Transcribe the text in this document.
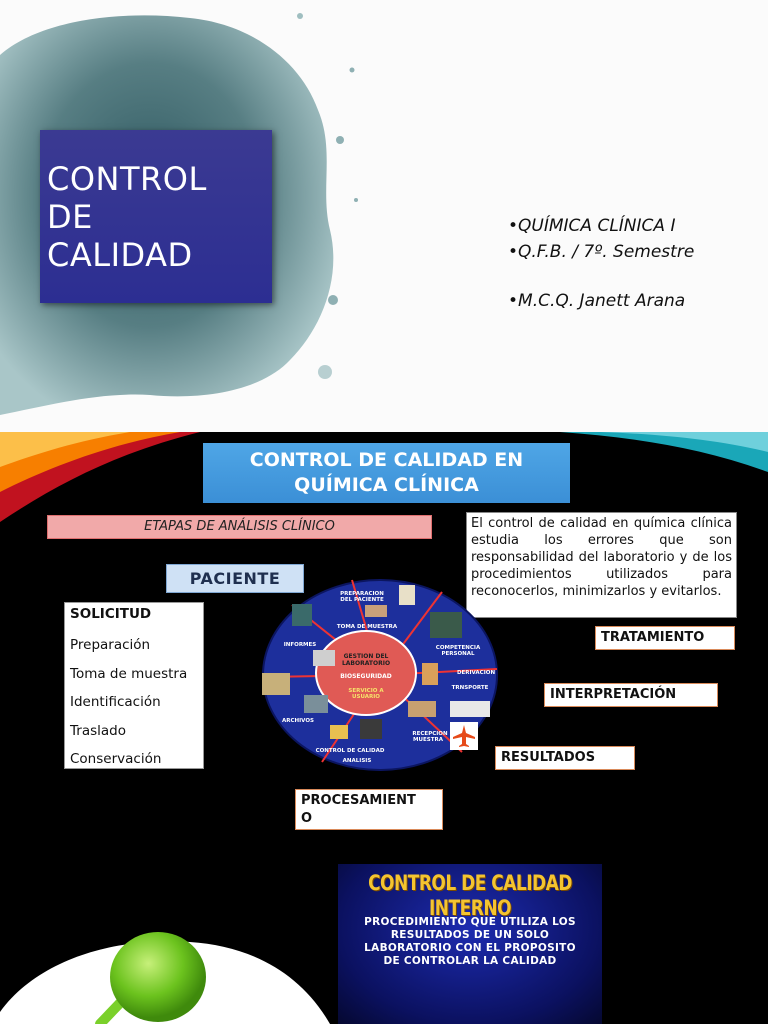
CONTROL
DE
CALIDAD
•QUÍMICA CLÍNICA I
•Q.F.B. / 7º. Semestre
•M.C.Q. Janett Arana
CONTROL DE CALIDAD EN QUÍMICA CLÍNICA
ETAPAS DE ANÁLISIS CLÍNICO	El control de calidad en química clínica estudia los errores que son responsabilidad del laboratorio y de los procedimientos utilizados para reconocerlos, minimizarlos y evitarlos.
PACIENTE
SOLICITUD
Preparación
Toma de muestra
Identificación
Traslado
Conservación
GESTION DEL
LABORATORIO
BIOSEGURIDAD
SERVICIO A
USUARIO
PREPARACION
DEL PACIENTE
TOMA DE MUESTRA
INFORMES	COMPETENCIA
PERSONAL
DERIVACION
TRNSPORTE
ARCHIVOS
RECEPCION
MUESTRA
CONTROL DE CALIDAD
ANALISIS
TRATAMIENTO
INTERPRETACIÓN
RESULTADOS
PROCESAMIENT
O
CONTROL DE CALIDAD INTERNO
PROCEDIMIENTO QUE UTILIZA LOS RESULTADOS DE UN SOLO LABORATORIO CON EL PROPOSITO DE CONTROLAR LA CALIDAD
